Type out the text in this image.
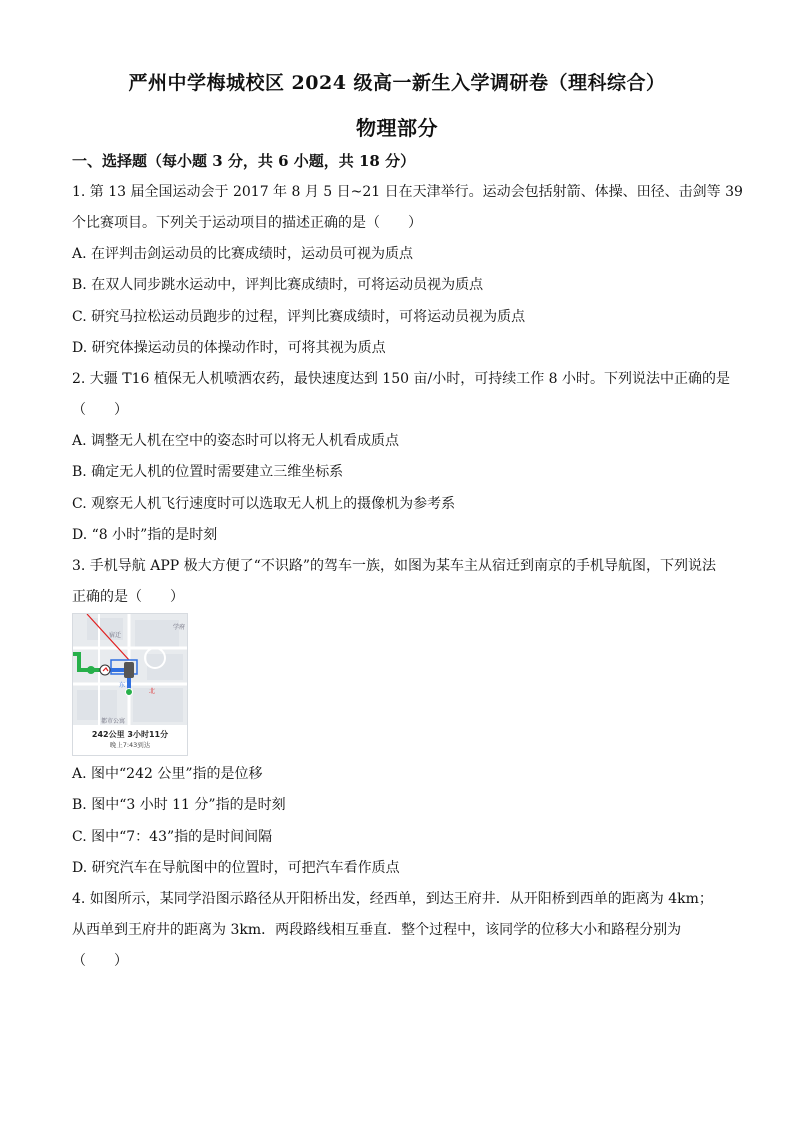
严州中学梅城校区 2024 级高一新生入学调研卷（理科综合）
物理部分
一、选择题（每小题 3 分，共 6 小题，共 18 分）
1. 第 13 届全国运动会于 2017 年 8 月 5 日~21 日在天津举行。运动会包括射箭、体操、田径、击剑等 39
个比赛项目。下列关于运动项目的描述正确的是（　　）
A. 在评判击剑运动员的比赛成绩时，运动员可视为质点
B. 在双人同步跳水运动中，评判比赛成绩时，可将运动员视为质点
C. 研究马拉松运动员跑步的过程，评判比赛成绩时，可将运动员视为质点
D. 研究体操运动员的体操动作时，可将其视为质点
2. 大疆 T16 植保无人机喷洒农药，最快速度达到 150 亩/小时，可持续工作 8 小时。下列说法中正确的是
（　　）
A. 调整无人机在空中的姿态时可以将无人机看成质点
B. 确定无人机的位置时需要建立三维坐标系
C. 观察无人机飞行速度时可以选取无人机上的摄像机为参考系
D. “8 小时”指的是时刻
3. 手机导航 APP 极大方便了“不识路”的驾车一族，如图为某车主从宿迁到南京的手机导航图，下列说法
正确的是（　　）
学府
宿迁
东
北
都市公寓
242公里 3小时11分
晚上7:43到达
A. 图中“242 公里”指的是位移
B. 图中“3 小时 11 分”指的是时刻
C. 图中“7：43”指的是时间间隔
D. 研究汽车在导航图中的位置时，可把汽车看作质点
4. 如图所示，某同学沿图示路径从开阳桥出发，经西单，到达王府井．从开阳桥到西单的距离为 4km；
从西单到王府井的距离为 3km．两段路线相互垂直．整个过程中，该同学的位移大小和路程分别为
（　　）
